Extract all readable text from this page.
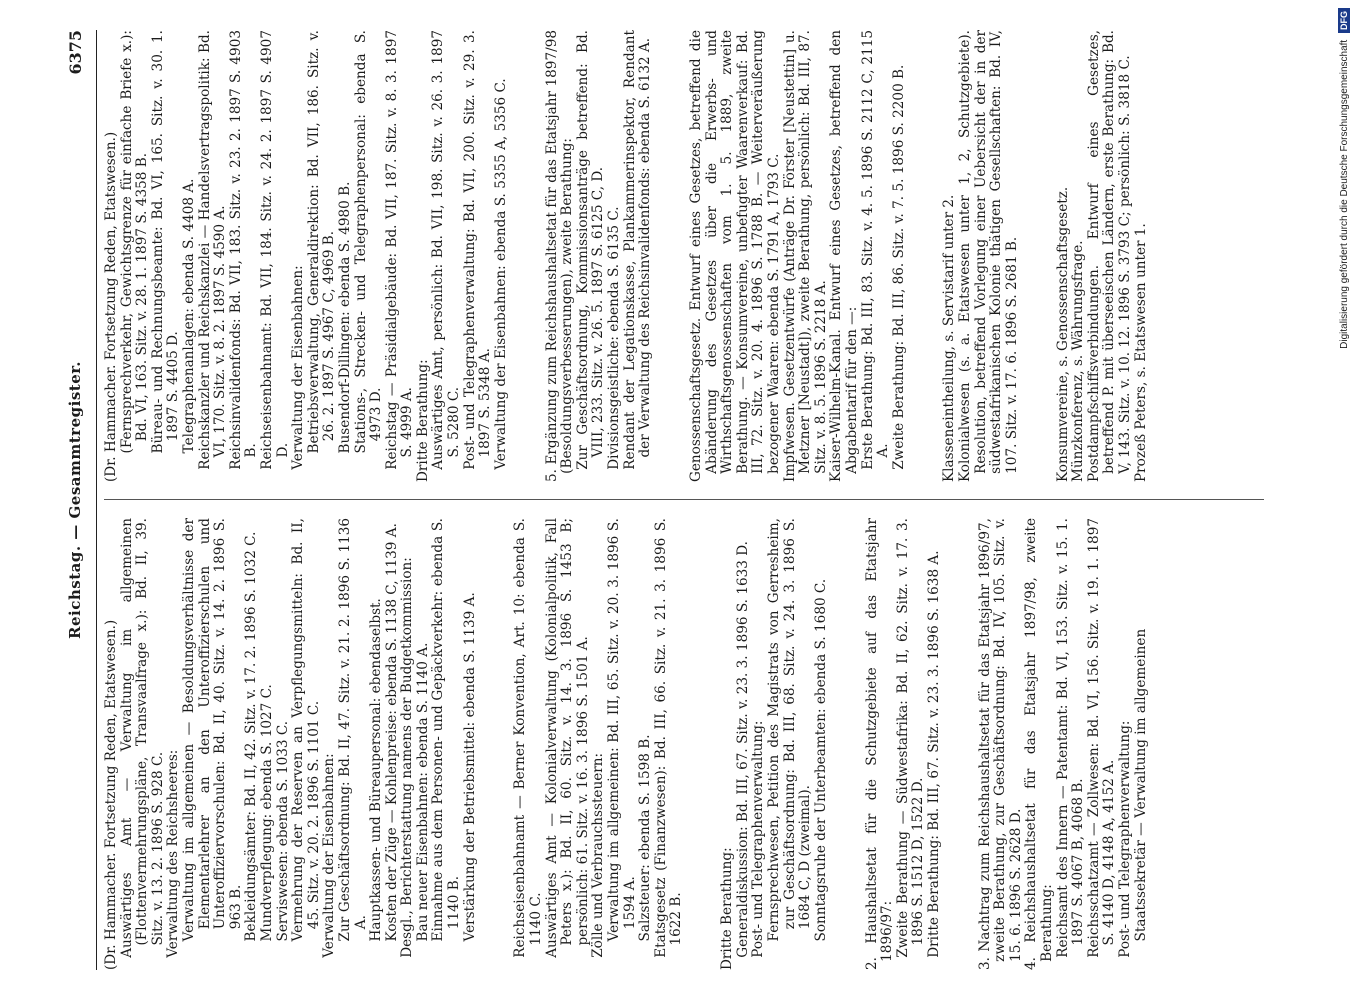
Reichstag. — Gesammtregister.
6375

(Dr. Hammacher. Fortsetzung Reden, Etatswesen.) Auswärtiges Amt — Verwaltung im allgemeinen (Flottenvermehrungspläne, Transvaalfrage x.): Bd. II, 39. Sitz. v. 13. 2. 1896 S. 928 C. Verwaltung des Reichsheeres: Verwaltung im allgemeinen — Besoldungsverhältnisse der Elementarlehrer an den Unteroffizierschulen und Unteroffiziervorschulen: Bd. II, 40. Sitz. v. 14. 2. 1896 S. 963 B. Bekleidungsämter: Bd. II, 42. Sitz. v. 17. 2. 1896 S. 1032 C. Mundverpflegung: ebenda S. 1027 C. Serviswesen: ebenda S. 1033 C. Vermehrung der Reserven an Verpflegungsmitteln: Bd. II, 45. Sitz. v. 20. 2. 1896 S. 1101 C. Verwaltung der Eisenbahnen: Zur Geschäftsordnung: Bd. II, 47. Sitz. v. 21. 2. 1896 S. 1136 A. Hauptkassen- und Büreaupersonal: ebendaselbst. Kosten der Züge — Kohlenpreise: ebenda S. 1138 C, 1139 A. Desgl., Berichterstattung namens der Budgetkommission: Bau neuer Eisenbahnen: ebenda S. 1140 A. Einnahme aus dem Personen- und Gepäckverkehr: ebenda S. 1140 B. Verstärkung der Betriebsmittel: ebenda S. 1139 A.	Reichseisenbahnamt — Berner Konvention, Art. 10: ebenda S. 1140 C. Auswärtiges Amt — Kolonialverwaltung (Kolonialpolitik, Fall Peters x.): Bd. II, 60. Sitz. v. 14. 3. 1896 S. 1453 B; persönlich: 61. Sitz. v. 16. 3. 1896 S. 1501 A. Zölle und Verbrauchssteuern: Verwaltung im allgemeinen: Bd. III, 65. Sitz. v. 20. 3. 1896 S. 1594 A. Salzsteuer: ebenda S. 1598 B. Etatsgesetz (Finanzwesen): Bd. III, 66. Sitz. v. 21. 3. 1896 S. 1622 B.	Dritte Berathung: Generaldiskussion: Bd. III, 67. Sitz. v. 23. 3. 1896 S. 1633 D. Post- und Telegraphenverwaltung: Fernsprechwesen, Petition des Magistrats von Gerresheim, zur Geschäftsordnung: Bd. III, 68. Sitz. v. 24. 3. 1896 S. 1684 C, D (zweimal). Sonntagsruhe der Unterbeamten: ebenda S. 1680 C.	2. Haushaltsetat für die Schutzgebiete auf das Etatsjahr 1896/97: Zweite Berathung — Südwestafrika: Bd. II, 62. Sitz. v. 17. 3. 1896 S. 1512 D, 1522 D. Dritte Berathung: Bd. III, 67. Sitz. v. 23. 3. 1896 S. 1638 A.	3. Nachtrag zum Reichshaushaltsetat für das Etatsjahr 1896/97, zweite Berathung, zur Geschäftsordnung: Bd. IV, 105. Sitz. v. 15. 6. 1896 S. 2628 D. 4. Reichshaushaltsetat für das Etatsjahr 1897/98, zweite Berathung: Reichsamt des Innern — Patentamt: Bd. VI, 153. Sitz. v. 15. 1. 1897 S. 4067 B, 4068 B. Reichsschatzamt — Zollwesen: Bd. VI, 156. Sitz. v. 19. 1. 1897 S. 4140 D, 4148 A, 4152 A. Post- und Telegraphenverwaltung: Staatssekretär — Verwaltung im allgemeinen

(Dr. Hammacher. Fortsetzung Reden, Etatswesen.) (Fernsprechverkehr, Gewichtsgrenze für einfache Briefe x.): Bd. VI, 163. Sitz. v. 28. 1. 1897 S. 4358 B. Büreau- und Rechnungsbeamte: Bd. VI, 165. Sitz. v. 30. 1. 1897 S. 4405 D. Telegraphenanlagen: ebenda S. 4408 A. Reichskanzler und Reichskanzlei — Handelsvertragspolitik: Bd. VI, 170. Sitz. v. 8. 2. 1897 S. 4590 A. Reichsinvalidenfonds: Bd. VII, 183. Sitz. v. 23. 2. 1897 S. 4903 B. Reichseisenbahnamt: Bd. VII, 184. Sitz. v. 24. 2. 1897 S. 4907 D. Verwaltung der Eisenbahnen: Betriebsverwaltung, Generaldirektion: Bd. VII, 186. Sitz. v. 26. 2. 1897 S. 4967 C, 4969 B. Busendorf-Dillingen: ebenda S. 4980 B. Stations-, Strecken- und Telegraphenpersonal: ebenda S. 4973 D. Reichstag — Präsidialgebäude: Bd. VII, 187. Sitz. v. 8. 3. 1897 S. 4999 A. Dritte Berathung: Auswärtiges Amt, persönlich: Bd. VII, 198. Sitz. v. 26. 3. 1897 S. 5280 C. Post- und Telegraphenverwaltung: Bd. VII, 200. Sitz. v. 29. 3. 1897 S. 5348 A. Verwaltung der Eisenbahnen: ebenda S. 5355 A, 5356 C.	5. Ergänzung zum Reichshaushaltsetat für das Etatsjahr 1897/98 (Besoldungsverbesserungen), zweite Berathung: Zur Geschäftsordnung, Kommissionsanträge betreffend: Bd. VIII, 233. Sitz. v. 26. 5. 1897 S. 6125 C, D. Divisionsgeistliche: ebenda S. 6135 C. Rendant der Legationskasse, Plankammerinspektor, Rendant der Verwaltung des Reichsinvalidenfonds: ebenda S. 6132 A.	Genossenschaftsgesetz. Entwurf eines Gesetzes, betreffend die Abänderung des Gesetzes über die Erwerbs- und Wirthschaftsgenossenschaften vom 1. 5. 1889, zweite Berathung. — Konsumvereine, unbefugter Waarenverkauf: Bd. III, 72. Sitz. v. 20. 4. 1896 S. 1788 B. — Weiterveräußerung bezogener Waaren: ebenda S. 1791 A, 1793 C. Impfwesen. Gesetzentwürfe (Anträge Dr. Förster [Neustettin] u. Metzner [Neustadt]), zweite Berathung, persönlich: Bd. III, 87. Sitz. v. 8. 5. 1896 S. 2218 A. Kaiser-Wilhelm-Kanal. Entwurf eines Gesetzes, betreffend den Abgabentarif für den —: Erste Berathung: Bd. III, 83. Sitz. v. 4. 5. 1896 S. 2112 C, 2115 A. Zweite Berathung: Bd. III, 86. Sitz. v. 7. 5. 1896 S. 2200 B.	Klasseneintheilung, s. Servistarif unter 2. Kolonialwesen (s. a. Etatswesen unter 1, 2, Schutzgebiete). Resolution, betreffend Vorlegung einer Uebersicht der in der südwestafrikanischen Kolonie thätigen Gesellschaften: Bd. IV, 107. Sitz. v. 17. 6. 1896 S. 2681 B.	Konsumvereine, s. Genossenschaftsgesetz. Münzkonferenz, s. Währungsfrage. Postdampfschiffsverbindungen. Entwurf eines Gesetzes, betreffend P. mit überseeischen Ländern, erste Berathung: Bd. V, 143. Sitz. v. 10. 12. 1896 S. 3793 C; persönlich: S. 3818 C. Prozeß Peters, s. Etatswesen unter 1.

Digitalisierung gefördert durch die Deutsche Forschungsgemeinschaft DFG
